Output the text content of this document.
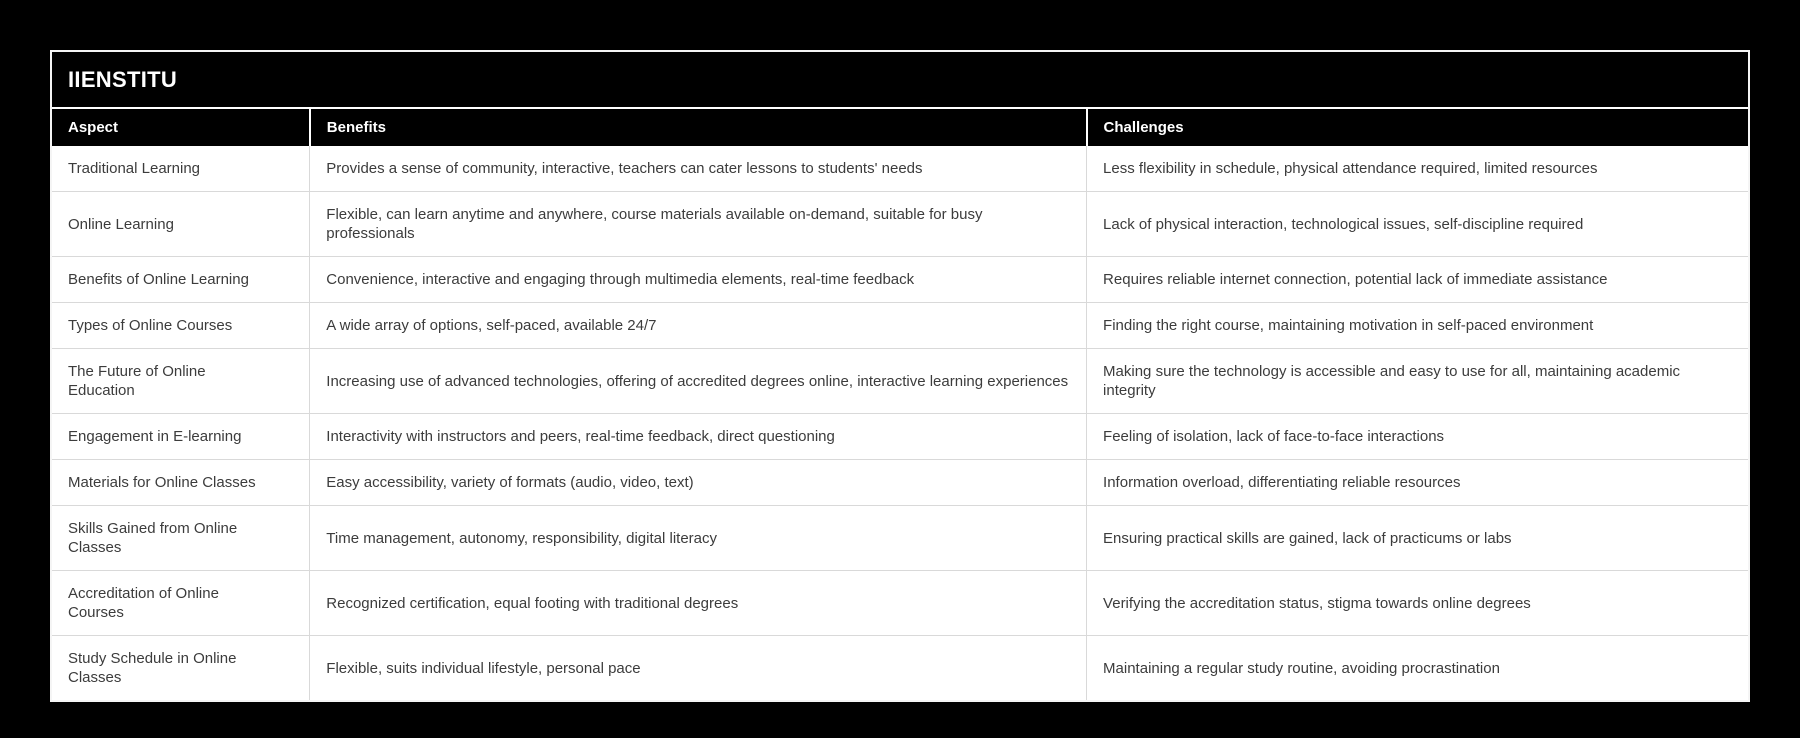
IIENSTITU
Aspect	Benefits	Challenges
Traditional Learning	Provides a sense of community, interactive, teachers can cater lessons to students' needs	Less flexibility in schedule, physical attendance required, limited resources
Online Learning	Flexible, can learn anytime and anywhere, course materials available on-demand, suitable for busy professionals	Lack of physical interaction, technological issues, self-discipline required
Benefits of Online Learning	Convenience, interactive and engaging through multimedia elements, real-time feedback	Requires reliable internet connection, potential lack of immediate assistance
Types of Online Courses	A wide array of options, self-paced, available 24/7	Finding the right course, maintaining motivation in self-paced environment
The Future of Online Education	Increasing use of advanced technologies, offering of accredited degrees online, interactive learning experiences	Making sure the technology is accessible and easy to use for all, maintaining academic integrity
Engagement in E-learning	Interactivity with instructors and peers, real-time feedback, direct questioning	Feeling of isolation, lack of face-to-face interactions
Materials for Online Classes	Easy accessibility, variety of formats (audio, video, text)	Information overload, differentiating reliable resources
Skills Gained from Online Classes	Time management, autonomy, responsibility, digital literacy	Ensuring practical skills are gained, lack of practicums or labs
Accreditation of Online Courses	Recognized certification, equal footing with traditional degrees	Verifying the accreditation status, stigma towards online degrees
Study Schedule in Online Classes	Flexible, suits individual lifestyle, personal pace	Maintaining a regular study routine, avoiding procrastination
